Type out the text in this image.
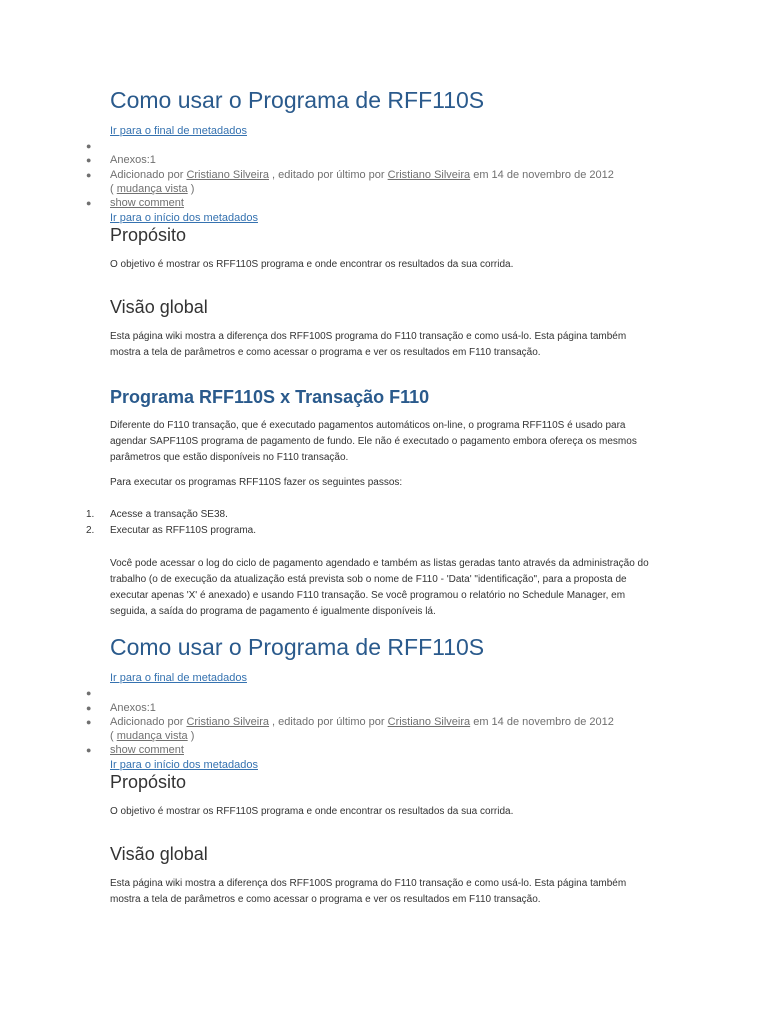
Como usar o Programa de RFF110S
Ir para o final de metadados
●
● Anexos:1
● Adicionado por Cristiano Silveira , editado por último por Cristiano Silveira em 14 de novembro de 2012 ( mudança vista )
● show comment
Ir para o início dos metadados
Propósito

O objetivo é mostrar os RFF110S programa e onde encontrar os resultados da sua corrida.

Visão global

Esta página wiki mostra a diferença dos RFF100S programa do F110 transação e como usá-lo. Esta página também mostra a tela de parâmetros e como acessar o programa e ver os resultados em F110 transação.

Programa RFF110S x Transação F110

Diferente do F110 transação, que é executado pagamentos automáticos on-line, o programa RFF110S é usado para agendar SAPF110S programa de pagamento de fundo. Ele não é executado o pagamento embora ofereça os mesmos parâmetros que estão disponíveis no F110 transação.

Para executar os programas RFF110S fazer os seguintes passos:

1. Acesse a transação SE38.
2. Executar as RFF110S programa.

Você pode acessar o log do ciclo de pagamento agendado e também as listas geradas tanto através da administração do trabalho (o de execução da atualização está prevista sob o nome de F110 - 'Data' "identificação", para a proposta de executar apenas 'X' é anexado) e usando F110 transação. Se você programou o relatório no Schedule Manager, em seguida, a saída do programa de pagamento é igualmente disponíveis lá.

Como usar o Programa de RFF110S
Ir para o final de metadados
●
● Anexos:1
● Adicionado por Cristiano Silveira , editado por último por Cristiano Silveira em 14 de novembro de 2012 ( mudança vista )
● show comment
Ir para o início dos metadados
Propósito

O objetivo é mostrar os RFF110S programa e onde encontrar os resultados da sua corrida.

Visão global

Esta página wiki mostra a diferença dos RFF100S programa do F110 transação e como usá-lo. Esta página também mostra a tela de parâmetros e como acessar o programa e ver os resultados em F110 transação.
